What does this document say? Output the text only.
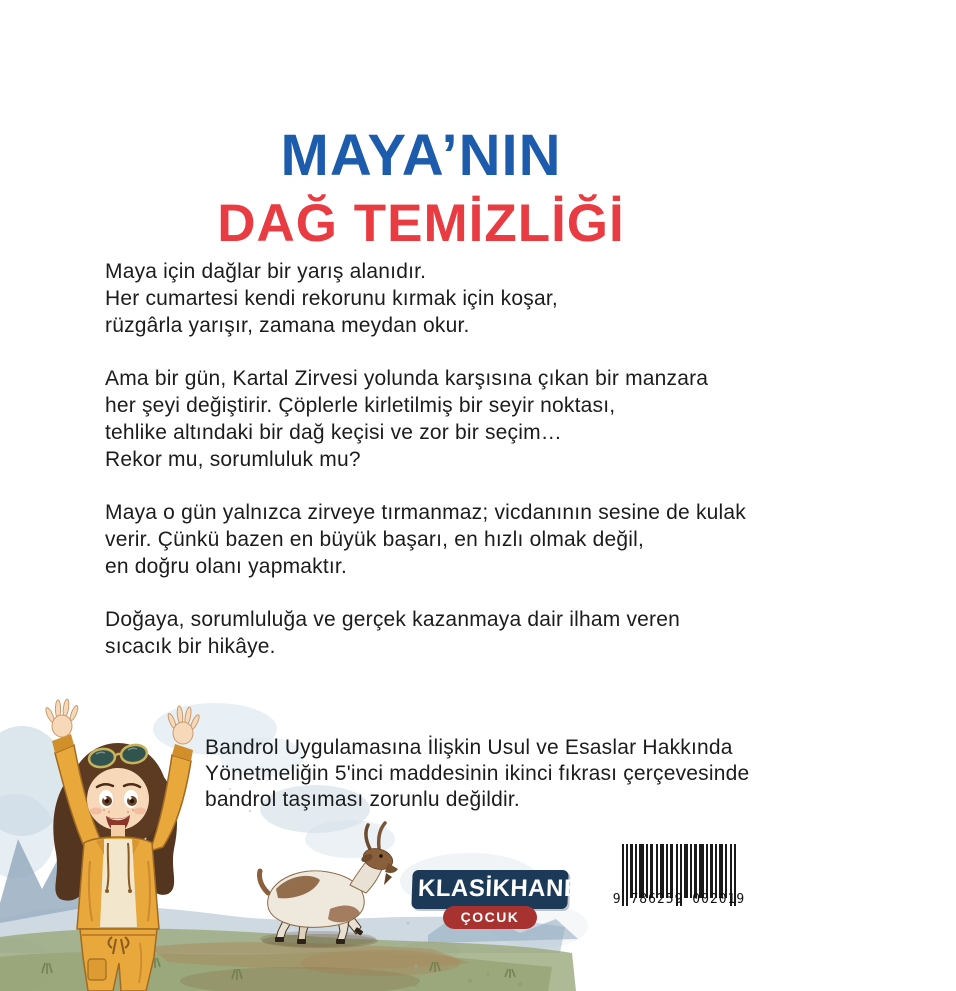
MAYA’NIN
DAĞ TEMİZLİĞİ

Maya için dağlar bir yarış alanıdır.
Her cumartesi kendi rekorunu kırmak için koşar,
rüzgârla yarışır, zamana meydan okur.

Ama bir gün, Kartal Zirvesi yolunda karşısına çıkan bir manzara
her şeyi değiştirir. Çöplerle kirletilmiş bir seyir noktası,
tehlike altındaki bir dağ keçisi ve zor bir seçim…
Rekor mu, sorumluluk mu?

Maya o gün yalnızca zirveye tırmanmaz; vicdanının sesine de kulak
verir. Çünkü bazen en büyük başarı, en hızlı olmak değil,
en doğru olanı yapmaktır.

Doğaya, sorumluluğa ve gerçek kazanmaya dair ilham veren
sıcacık bir hikâye.

Bandrol Uygulamasına İlişkin Usul ve Esaslar Hakkında
Yönetmeliğin 5'inci maddesinin ikinci fıkrası çerçevesinde
bandrol taşıması zorunlu değildir.
KLASİKHANE
ÇOCUK
9 786259 002019
